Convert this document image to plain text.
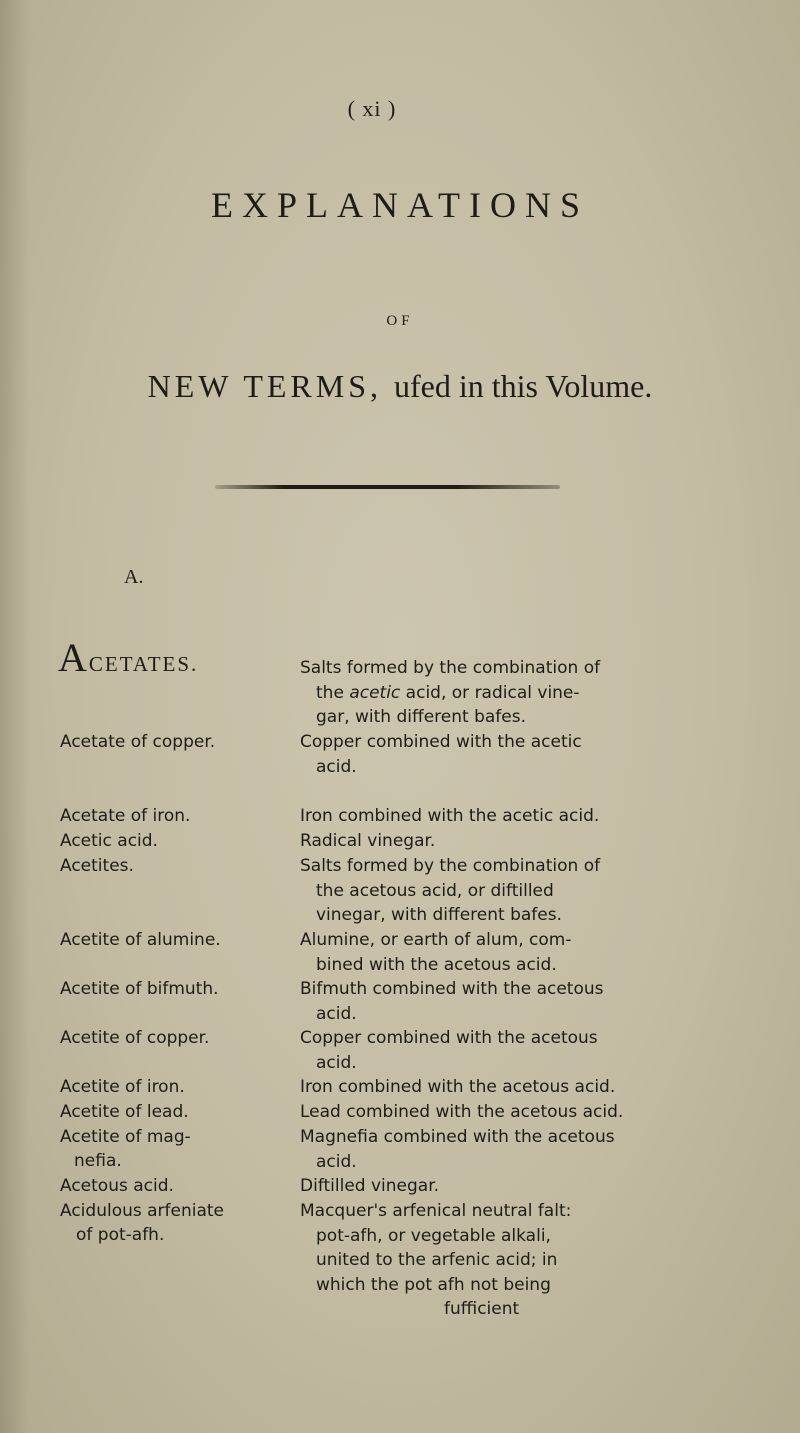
( xi )
EXPLANATIONS
OF
NEW TERMS, ufed in this Volume.
A.
ACETATES.
Acetate of copper.
Acetate of iron.
Acetic acid.
Acetites.
Acetite of alumine.
Acetite of bifmuth.
Acetite of copper.
Acetite of iron.
Acetite of lead.
Acetite of mag-
nefia.
Acetous acid.
Acidulous arfeniate
of pot-afh.
Salts formed by the combination of
the acetic acid, or radical vine-
gar, with different bafes.
Copper combined with the acetic
acid.
Iron combined with the acetic acid.
Radical vinegar.
Salts formed by the combination of
the acetous acid, or diftilled
vinegar, with different bafes.
Alumine, or earth of alum, com-
bined with the acetous acid.
Bifmuth combined with the acetous
acid.
Copper combined with the acetous
acid.
Iron combined with the acetous acid.
Lead combined with the acetous acid.
Magnefia combined with the acetous
acid.
Diftilled vinegar.
Macquer's arfenical neutral falt:
pot-afh, or vegetable alkali,
united to the arfenic acid; in
which the pot afh not being
fufficient
